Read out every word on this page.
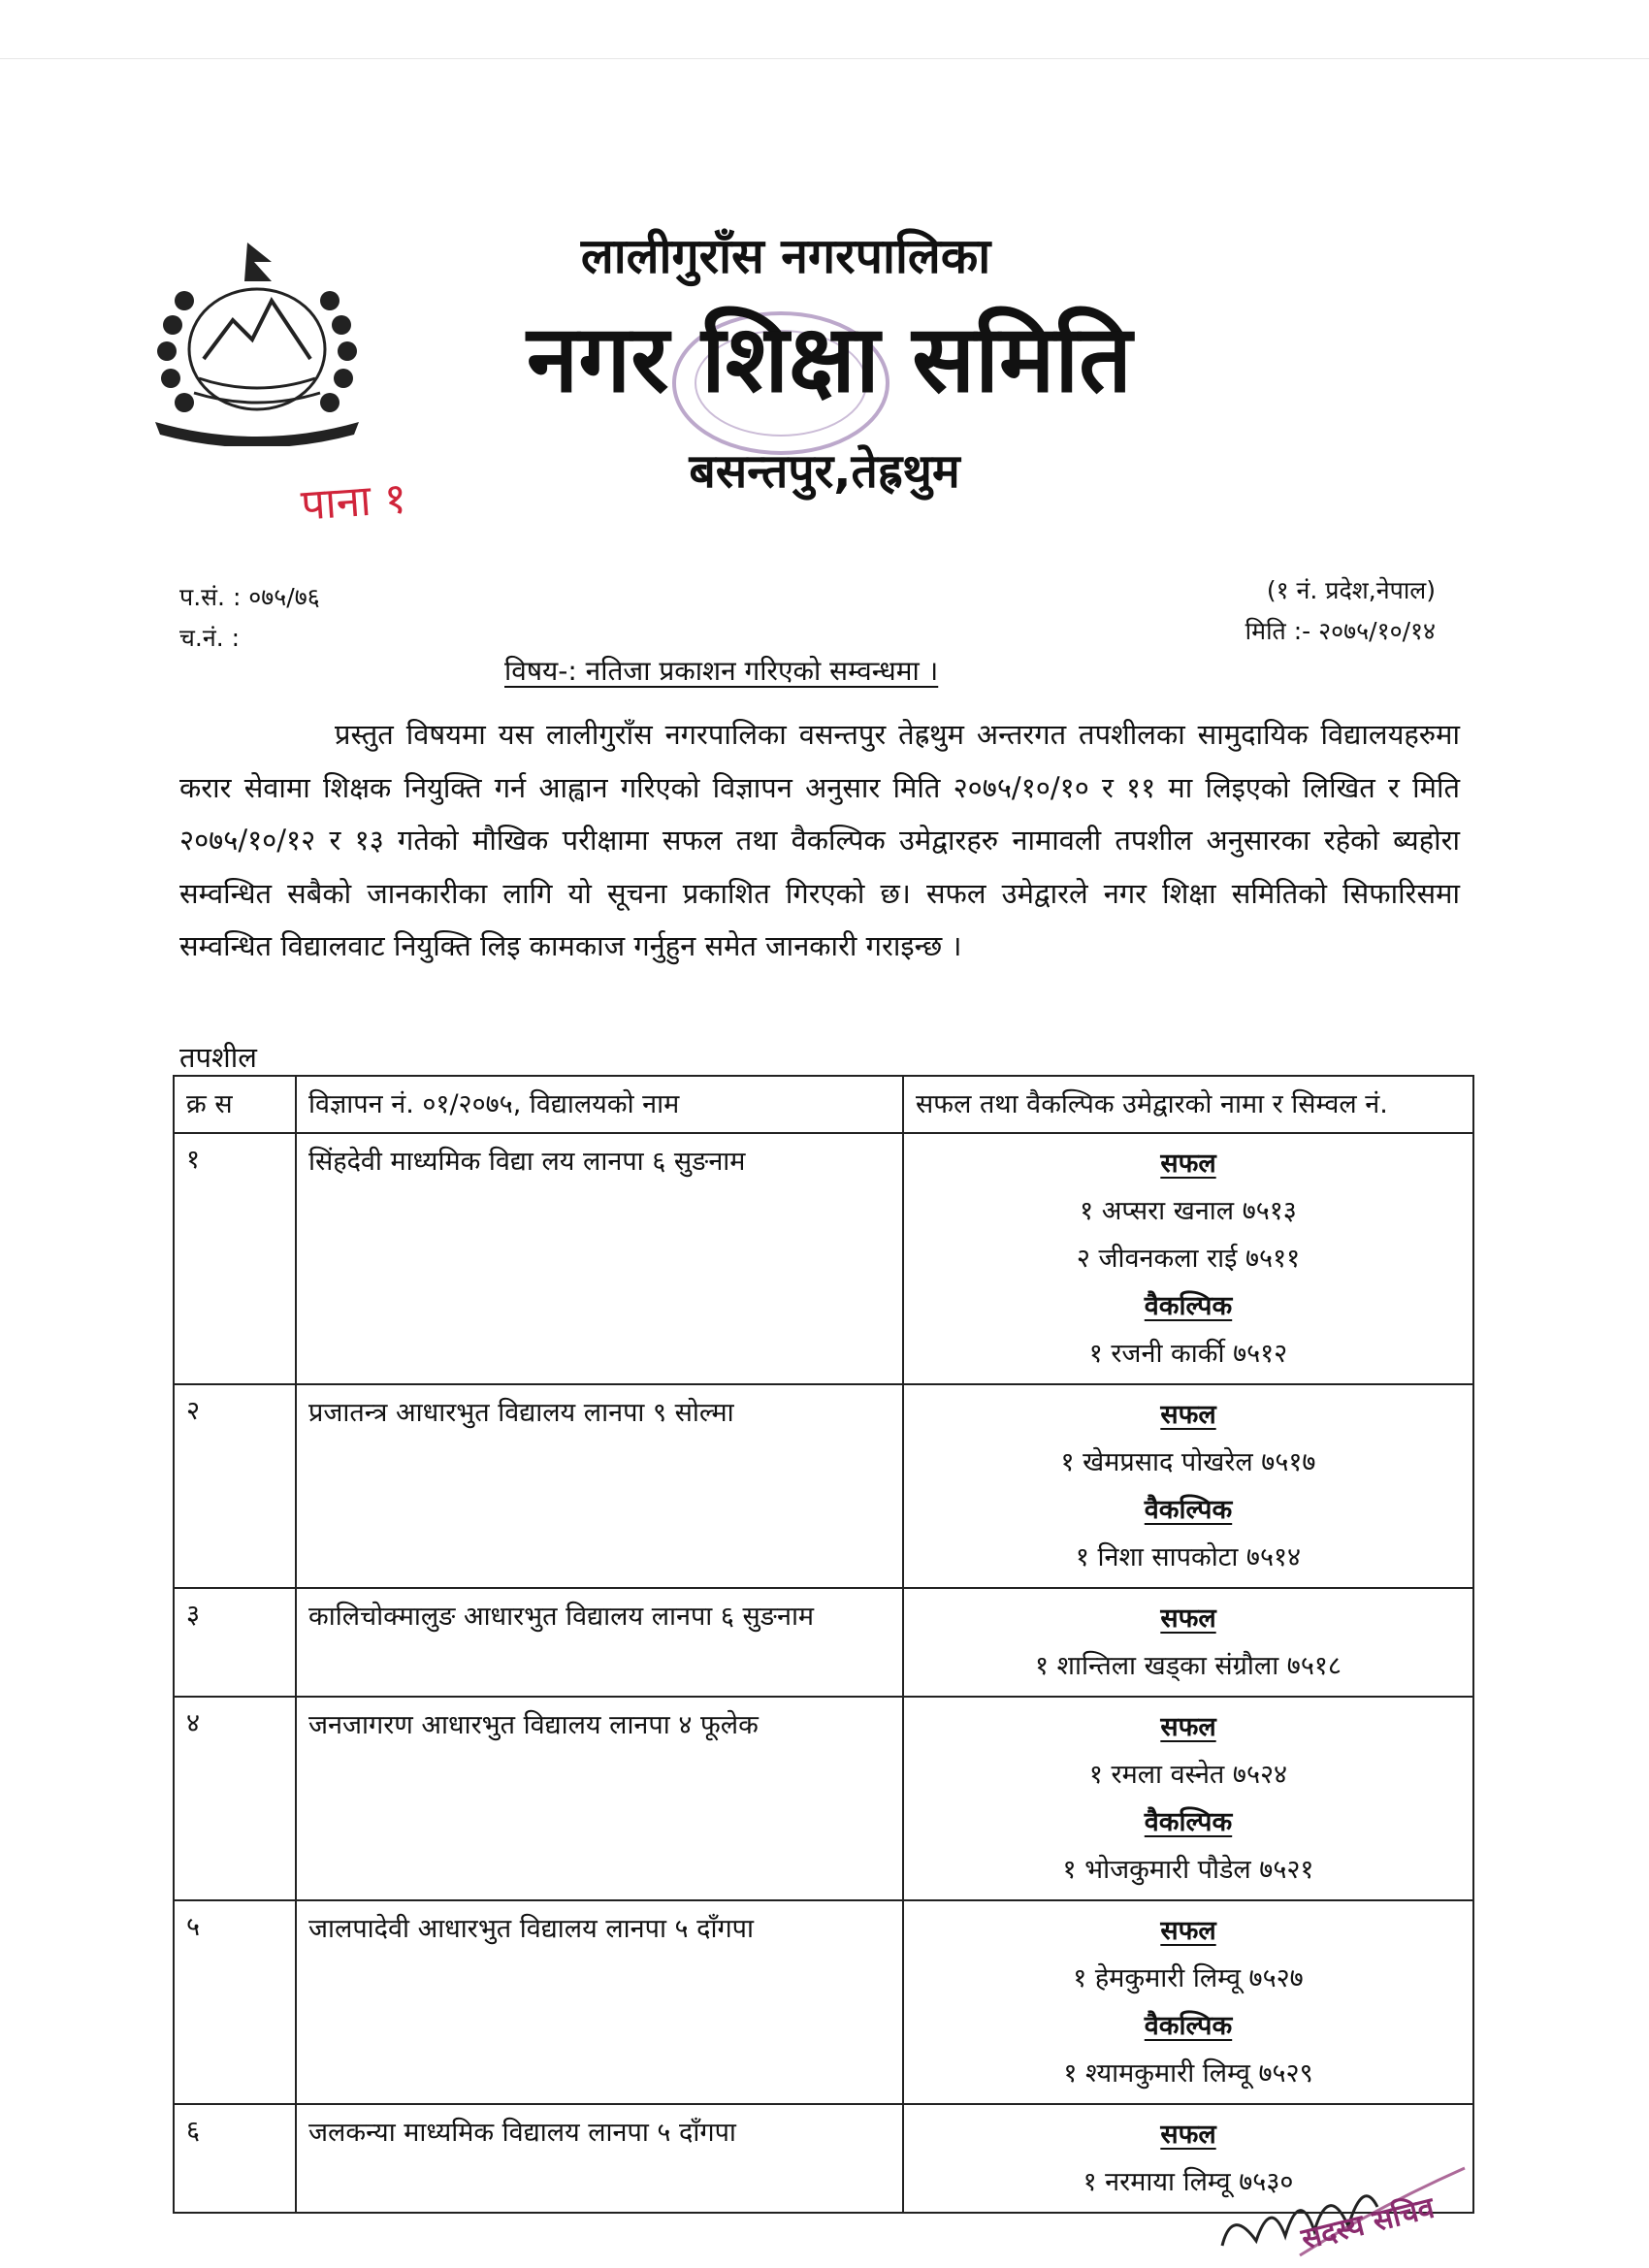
लालीगुराँस नगरपालिका
नगर शिक्षा समिति
बसन्तपुर,तेह्रथुम
पाना १
प.सं. : ०७५/७६
च.नं. :
(१ नं. प्रदेश,नेपाल)
मिति :- २०७५/१०/१४
विषय-: नतिजा प्रकाशन गरिएको सम्वन्धमा ।

प्रस्तुत विषयमा यस लालीगुराँस नगरपालिका वसन्तपुर तेह्रथुम अन्तरगत तपशीलका सामुदायिक विद्यालयहरुमा करार सेवामा शिक्षक नियुक्ति गर्न आह्वान गरिएको विज्ञापन अनुसार मिति २०७५/१०/१० र ११ मा लिइएको लिखित र मिति २०७५/१०/१२ र १३ गतेको मौखिक परीक्षामा सफल तथा वैकल्पिक उमेद्वारहरु नामावली तपशील अनुसारका रहेको ब्यहोरा सम्वन्धित सबैको जानकारीका लागि यो सूचना प्रकाशित गिरएको छ। सफल उमेद्वारले नगर शिक्षा समितिको सिफारिसमा सम्वन्धित विद्यालवाट नियुक्ति लिइ कामकाज गर्नुहुन समेत जानकारी गराइन्छ ।

तपशील
क्र स	विज्ञापन नं. ०१/२०७५, विद्यालयको नाम	सफल तथा वैकल्पिक उमेद्वारको नामा र सिम्वल नं.
१	सिंहदेवी माध्यमिक विद्या लय लानपा ६ सुङनाम	सफल
१ अप्सरा खनाल ७५१३
२ जीवनकला राई ७५११
वैकल्पिक
१ रजनी कार्की ७५१२

२	प्रजातन्त्र आधारभुत विद्यालय लानपा ९ सोल्मा	सफल
१ खेमप्रसाद पोखरेल ७५१७
वैकल्पिक
१ निशा सापकोटा ७५१४

३	कालिचोक्मालुङ आधारभुत विद्यालय लानपा ६ सुङनाम	सफल
१ शान्तिला खड्का संग्रौला ७५१८

४	जनजागरण आधारभुत विद्यालय लानपा ४ फूलेक	सफल
१ रमला वस्नेत ७५२४
वैकल्पिक
१ भोजकुमारी पौडेल ७५२१

५	जालपादेवी आधारभुत विद्यालय लानपा ५ दाँगपा	सफल
१ हेमकुमारी लिम्वू ७५२७
वैकल्पिक
१ श्यामकुमारी लिम्वू ७५२९

६	जलकन्या माध्यमिक विद्यालय लानपा ५ दाँगपा	सफल
१ नरमाया लिम्वू ७५३०
सदस्य सचिव
